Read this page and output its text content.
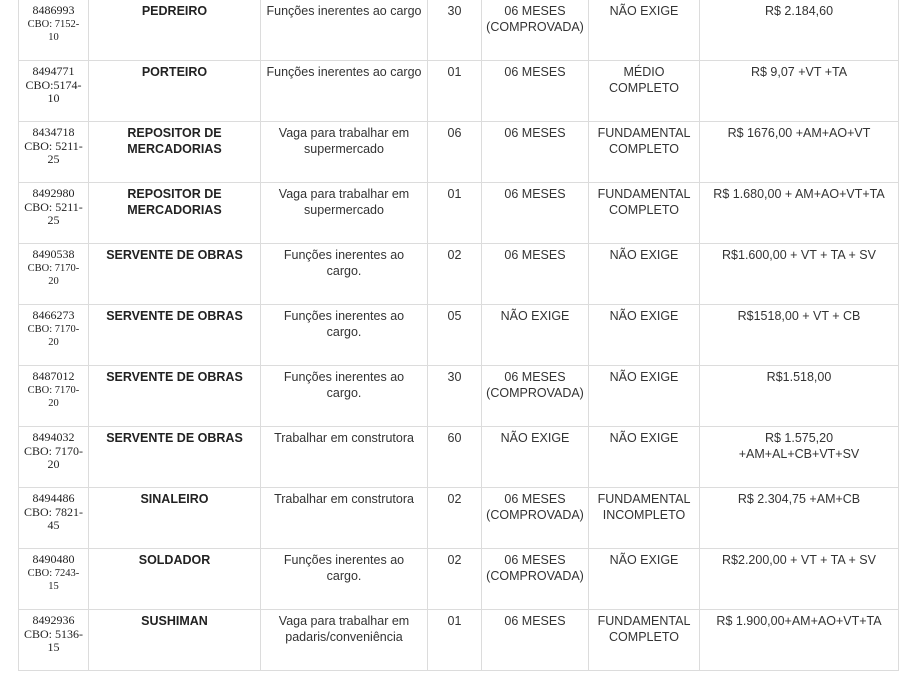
8486993
CBO: 7152-10	PEDREIRO	Funções inerentes ao cargo	30	06 MESES
(COMPROVADA)	NÃO EXIGE	R$ 2.184,60

8494771
CBO:5174-10	PORTEIRO	Funções inerentes ao cargo	01	06 MESES	MÉDIO
COMPLETO	R$ 9,07 +VT +TA

8434718
CBO: 5211-25	REPOSITOR DE
MERCADORIAS	Vaga para trabalhar em
supermercado	06	06 MESES	FUNDAMENTAL
COMPLETO	R$ 1676,00 +AM+AO+VT

8492980
CBO: 5211-25	REPOSITOR DE
MERCADORIAS	Vaga para trabalhar em
supermercado	01	06 MESES	FUNDAMENTAL
COMPLETO	R$ 1.680,00 + AM+AO+VT+TA

8490538
CBO: 7170-20	SERVENTE DE OBRAS	Funções inerentes ao cargo.	02	06 MESES	NÃO EXIGE	R$1.600,00 + VT + TA + SV

8466273
CBO: 7170-20	SERVENTE DE OBRAS	Funções inerentes ao cargo.	05	NÃO EXIGE	NÃO EXIGE	R$1518,00 + VT + CB

8487012
CBO: 7170-20	SERVENTE DE OBRAS	Funções inerentes ao cargo.	30	06 MESES
(COMPROVADA)	NÃO EXIGE	R$1.518,00

8494032
CBO: 7170-20	SERVENTE DE OBRAS	Trabalhar em construtora	60	NÃO EXIGE	NÃO EXIGE	R$ 1.575,20
+AM+AL+CB+VT+SV

8494486
CBO: 7821-45	SINALEIRO	Trabalhar em construtora	02	06 MESES
(COMPROVADA)	FUNDAMENTAL
INCOMPLETO	R$ 2.304,75 +AM+CB

8490480
CBO: 7243-15	SOLDADOR	Funções inerentes ao cargo.	02	06 MESES
(COMPROVADA)	NÃO EXIGE	R$2.200,00 + VT + TA + SV

8492936
CBO: 5136-15	SUSHIMAN	Vaga para trabalhar em
padaris/conveniência	01	06 MESES	FUNDAMENTAL
COMPLETO	R$ 1.900,00+AM+AO+VT+TA
